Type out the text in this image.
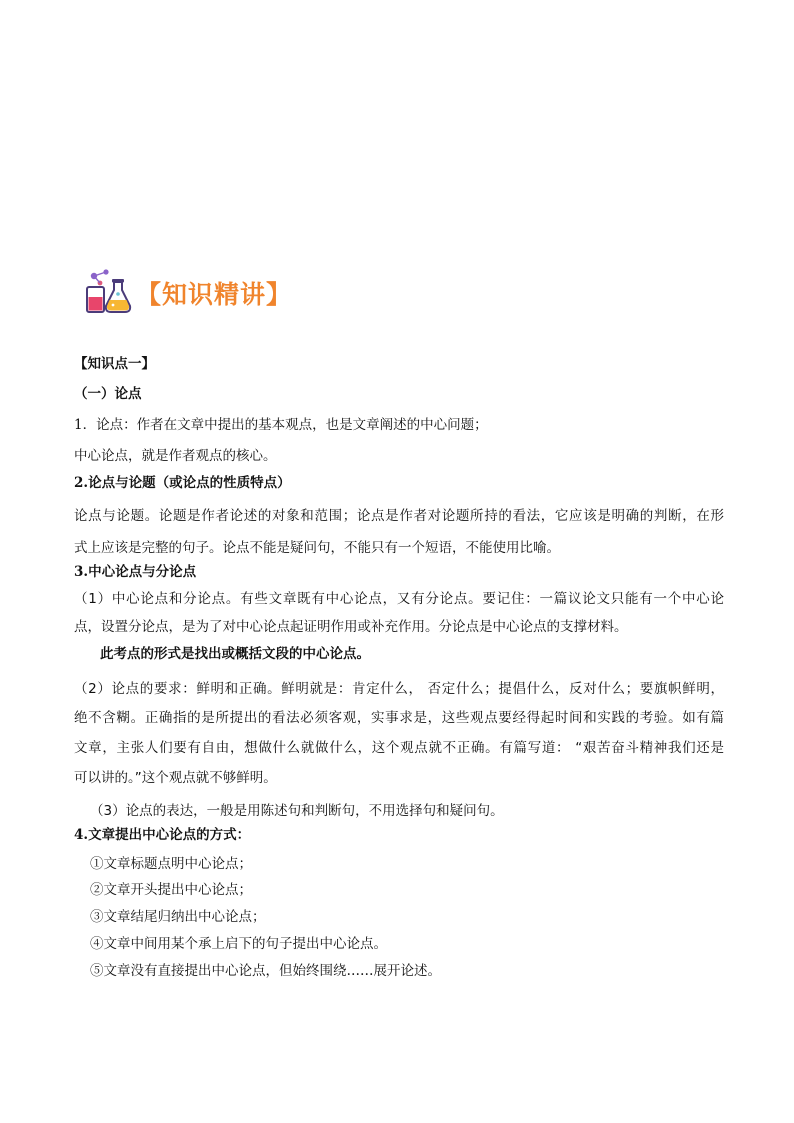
【知识精讲】
【知识点一】
（一）论点
1．论点：作者在文章中提出的基本观点，也是文章阐述的中心问题；
中心论点，就是作者观点的核心。
2.论点与论题（或论点的性质特点）
论点与论题。论题是作者论述的对象和范围；论点是作者对论题所持的看法，它应该是明确的判断，在形
式上应该是完整的句子。论点不能是疑问句，不能只有一个短语，不能使用比喻。
3.中心论点与分论点
（1）中心论点和分论点。有些文章既有中心论点，又有分论点。要记住：一篇议论文只能有一个中心论
点，设置分论点，是为了对中心论点起证明作用或补充作用。分论点是中心论点的支撑材料。
此考点的形式是找出或概括文段的中心论点。
（2）论点的要求：鲜明和正确。鲜明就是：肯定什么， 否定什么；提倡什么，反对什么；要旗帜鲜明，
绝不含糊。正确指的是所提出的看法必须客观，实事求是，这些观点要经得起时间和实践的考验。如有篇
文章，主张人们要有自由，想做什么就做什么，这个观点就不正确。有篇写道： “艰苦奋斗精神我们还是
可以讲的。”这个观点就不够鲜明。
（3）论点的表达，一般是用陈述句和判断句，不用选择句和疑问句。
4.文章提出中心论点的方式：
①文章标题点明中心论点；
②文章开头提出中心论点；
③文章结尾归纳出中心论点；
④文章中间用某个承上启下的句子提出中心论点。
⑤文章没有直接提出中心论点，但始终围绕……展开论述。
